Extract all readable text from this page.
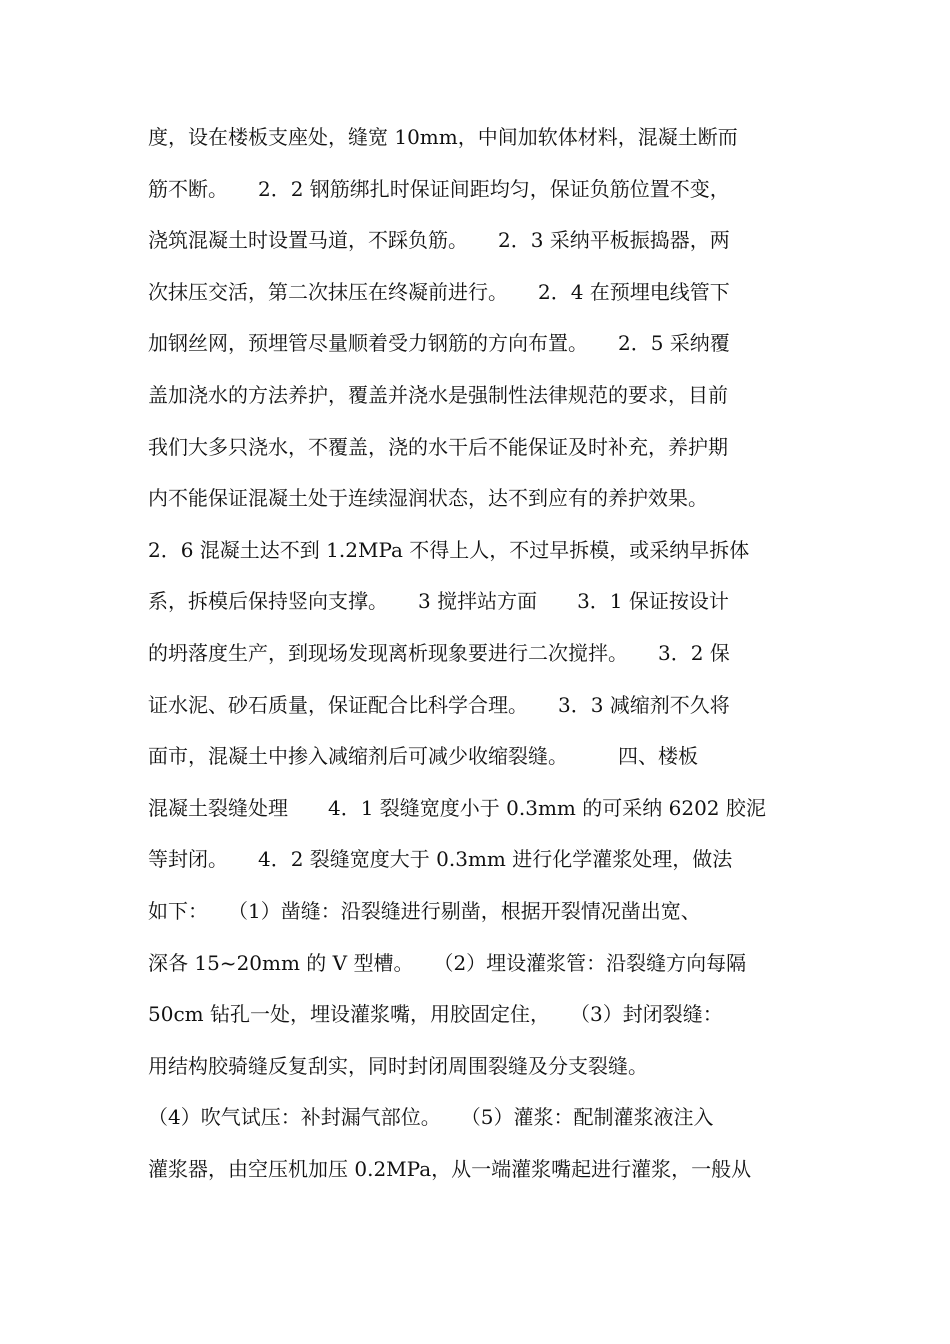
度，设在楼板支座处，缝宽 10mm，中间加软体材料，混凝土断而
筋不断。　　2．2 钢筋绑扎时保证间距均匀，保证负筋位置不变，
浇筑混凝土时设置马道，不踩负筋。　　2．3 采纳平板振捣器，两
次抹压交活，第二次抹压在终凝前进行。　　2．4 在预埋电线管下
加钢丝网，预埋管尽量顺着受力钢筋的方向布置。　　2．5 采纳覆
盖加浇水的方法养护，覆盖并浇水是强制性法律规范的要求，目前
我们大多只浇水，不覆盖，浇的水干后不能保证及时补充，养护期
内不能保证混凝土处于连续湿润状态，达不到应有的养护效果。
2．6 混凝土达不到 1.2MPa 不得上人，不过早拆模，或采纳早拆体
系，拆模后保持竖向支撑。　　3 搅拌站方面　　3．1 保证按设计
的坍落度生产，到现场发现离析现象要进行二次搅拌。　　3．2 保
证水泥、砂石质量，保证配合比科学合理。　　3．3 减缩剂不久将
面市，混凝土中掺入减缩剂后可减少收缩裂缝。　　　四、楼板
混凝土裂缝处理　　4．1 裂缝宽度小于 0.3mm 的可采纳 6202 胶泥
等封闭。　　4．2 裂缝宽度大于 0.3mm 进行化学灌浆处理，做法
如下：　　（1）凿缝：沿裂缝进行剔凿，根据开裂情况凿出宽、
深各 15~20mm 的 V 型槽。　　（2）埋设灌浆管：沿裂缝方向每隔
50cm 钻孔一处，埋设灌浆嘴，用胶固定住，　　（3）封闭裂缝：
用结构胶骑缝反复刮实，同时封闭周围裂缝及分支裂缝。
（4）吹气试压：补封漏气部位。　　（5）灌浆：配制灌浆液注入
灌浆器，由空压机加压 0.2MPa，从一端灌浆嘴起进行灌浆，一般从
